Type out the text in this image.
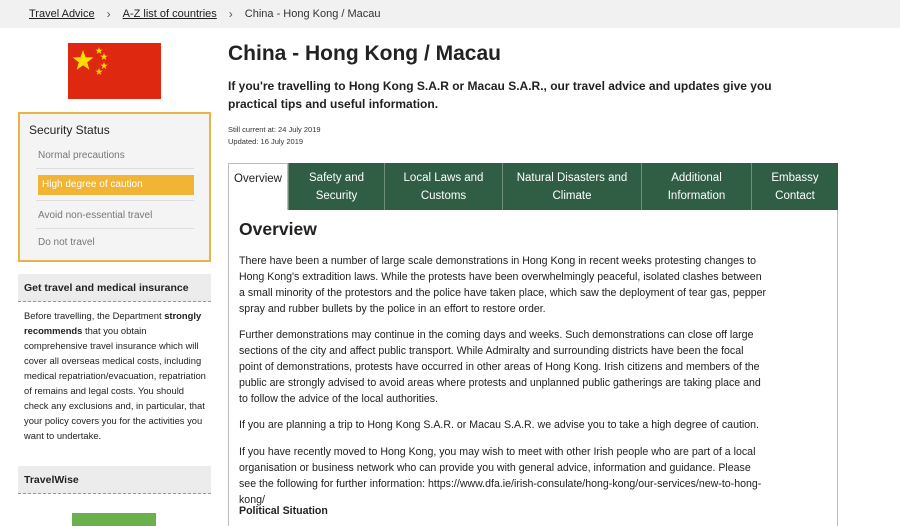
Travel Advice › A-Z list of countries › China - Hong Kong / Macau
Security Status
Normal precautions
High degree of caution
Avoid non-essential travel
Do not travel
Get travel and medical insurance
Before travelling, the Department strongly recommends that you obtain comprehensive travel insurance which will cover all overseas medical costs, including medical repatriation/evacuation, repatriation of remains and legal costs. You should check any exclusions and, in particular, that your policy covers you for the activities you want to undertake.
TravelWise
China - Hong Kong / Macau

If you're travelling to Hong Kong S.A.R or Macau S.A.R., our travel advice and updates give you practical tips and useful information.

Still current at: 24 July 2019
Updated: 16 July 2019
Overview	Safety and Security
Local Laws and Customs
Natural Disasters and Climate
Additional Information
Embassy Contact
Overview

There have been a number of large scale demonstrations in Hong Kong in recent weeks protesting changes to Hong Kong's extradition laws. While the protests have been overwhelmingly peaceful, isolated clashes between a small minority of the protestors and the police have taken place, which saw the deployment of tear gas, pepper spray and rubber bullets by the police in an effort to restore order.

Further demonstrations may continue in the coming days and weeks. Such demonstrations can close off large sections of the city and affect public transport. While Admiralty and surrounding districts have been the focal point of demonstrations, protests have occurred in other areas of Hong Kong. Irish citizens and members of the public are strongly advised to avoid areas where protests and unplanned public gatherings are taking place and to follow the advice of the local authorities.

If you are planning a trip to Hong Kong S.A.R. or Macau S.A.R. we advise you to take a high degree of caution.

If you have recently moved to Hong Kong, you may wish to meet with other Irish people who are part of a local organisation or business network who can provide you with general advice, information and guidance. Please see the following for further information: https://www.dfa.ie/irish-consulate/hong-kong/our-services/new-to-hong-kong/

Political Situation
